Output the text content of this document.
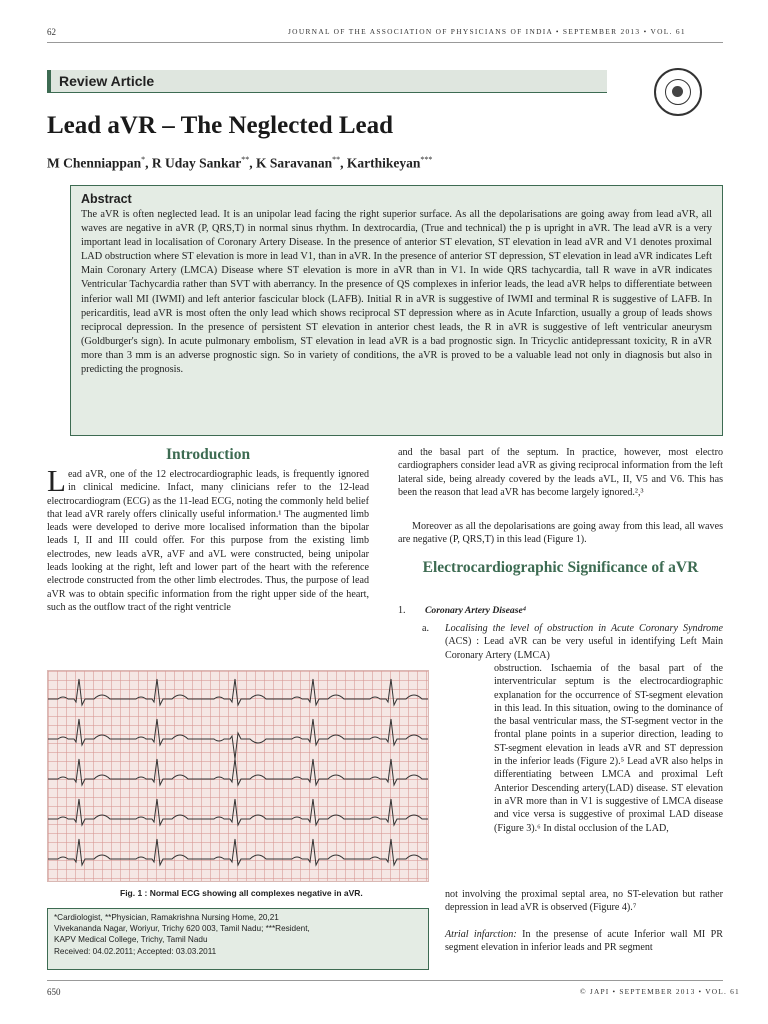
62	JOURNAL OF THE ASSOCIATION OF PHYSICIANS OF INDIA • SEPTEMBER 2013 • VOL. 61
Review Article
Lead aVR – The Neglected Lead
M Chenniappan*, R Uday Sankar**, K Saravanan**, Karthikeyan***
Abstract
The aVR is often neglected lead. It is an unipolar lead facing the right superior surface. As all the depolarisations are going away from lead aVR, all waves are negative in aVR (P, QRS,T) in normal sinus rhythm. In dextrocardia, (True and technical) the p is upright in aVR. The lead aVR is a very important lead in localisation of Coronary Artery Disease. In the presence of anterior ST elevation, ST elevation in lead aVR and V1 denotes proximal LAD obstruction where ST elevation is more in lead V1, than in aVR. In the presence of anterior ST depression, ST elevation in lead aVR indicates Left Main Coronary Artery (LMCA) Disease where ST elevation is more in aVR than in V1. In wide QRS tachycardia, tall R wave in aVR indicates Ventricular Tachycardia rather than SVT with aberrancy. In the presence of QS complexes in inferior leads, the lead aVR helps to differentiate between inferior wall MI (IWMI) and left anterior fascicular block (LAFB). Initial R in aVR is suggestive of IWMI and terminal R is suggestive of LAFB. In pericarditis, lead aVR is most often the only lead which shows reciprocal ST depression where as in Acute Infarction, usually a group of leads shows reciprocal depression. In the presence of persistent ST elevation in anterior chest leads, the R in aVR is suggestive of left ventricular aneurysm (Goldburger's sign). In acute pulmonary embolism, ST elevation in lead aVR is a bad prognostic sign. In Tricyclic antidepressant toxicity, R in aVR more than 3 mm is an adverse prognostic sign. So in variety of conditions, the aVR is proved to be a valuable lead not only in diagnosis but also in predicting the prognosis.
Introduction
Lead aVR, one of the 12 electrocardiographic leads, is frequently ignored in clinical medicine. Infact, many clinicians refer to the 12-lead electrocardiogram (ECG) as the 11-lead ECG, noting the commonly held belief that lead aVR rarely offers clinically useful information.¹ The augmented limb leads were developed to derive more localised information than the bipolar leads I, II and III could offer. For this purpose from the existing limb electrodes, new leads aVR, aVF and aVL were constructed, being unipolar leads looking at the right, left and lower part of the heart with the reference electrode constructed from the other limb electrodes. Thus, the purpose of lead aVR was to obtain specific information from the right upper side of the heart, such as the outflow tract of the right ventricle
and the basal part of the septum. In practice, however, most electro cardiographers consider lead aVR as giving reciprocal information from the left lateral side, being already covered by the leads aVL, II, V5 and V6. This has been the reason that lead aVR has become largely ignored.²,³
Moreover as all the depolarisations are going away from this lead, all waves are negative (P, QRS,T) in this lead (Figure 1).
Electrocardiographic Significance of aVR
1. Coronary Artery Disease⁴
a. Localising the level of obstruction in Acute Coronary Syndrome (ACS) : Lead aVR can be very useful in identifying Left Main Coronary Artery (LMCA)
obstruction. Ischaemia of the basal part of the interventricular septum is the electrocardiographic explanation for the occurrence of ST-segment elevation in this lead. In this situation, owing to the dominance of the basal ventricular mass, the ST-segment vector in the frontal plane points in a superior direction, leading to ST-segment elevation in leads aVR and ST depression in the inferior leads (Figure 2).⁵ Lead aVR also helps in differentiating between LMCA and proximal Left Anterior Descending artery(LAD) disease. ST elevation in aVR more than in V1 is suggestive of LMCA disease and vice versa is suggestive of proximal LAD disease (Figure 3).⁶ In distal occlusion of the LAD,
not involving the proximal septal area, no ST-elevation but rather depression in lead aVR is observed (Figure 4).⁷
Atrial infarction: In the presense of acute Inferior wall MI PR segment elevation in inferior leads and PR segment
Fig. 1 : Normal ECG showing all complexes negative in aVR.
*Cardiologist, **Physician, Ramakrishna Nursing Home, 20,21
Vivekananda Nagar, Woriyur, Trichy 620 003, Tamil Nadu; ***Resident,
KAPV Medical College, Trichy, Tamil Nadu
Received: 04.02.2011; Accepted: 03.03.2011
650	© JAPI • SEPTEMBER 2013 • VOL. 61
